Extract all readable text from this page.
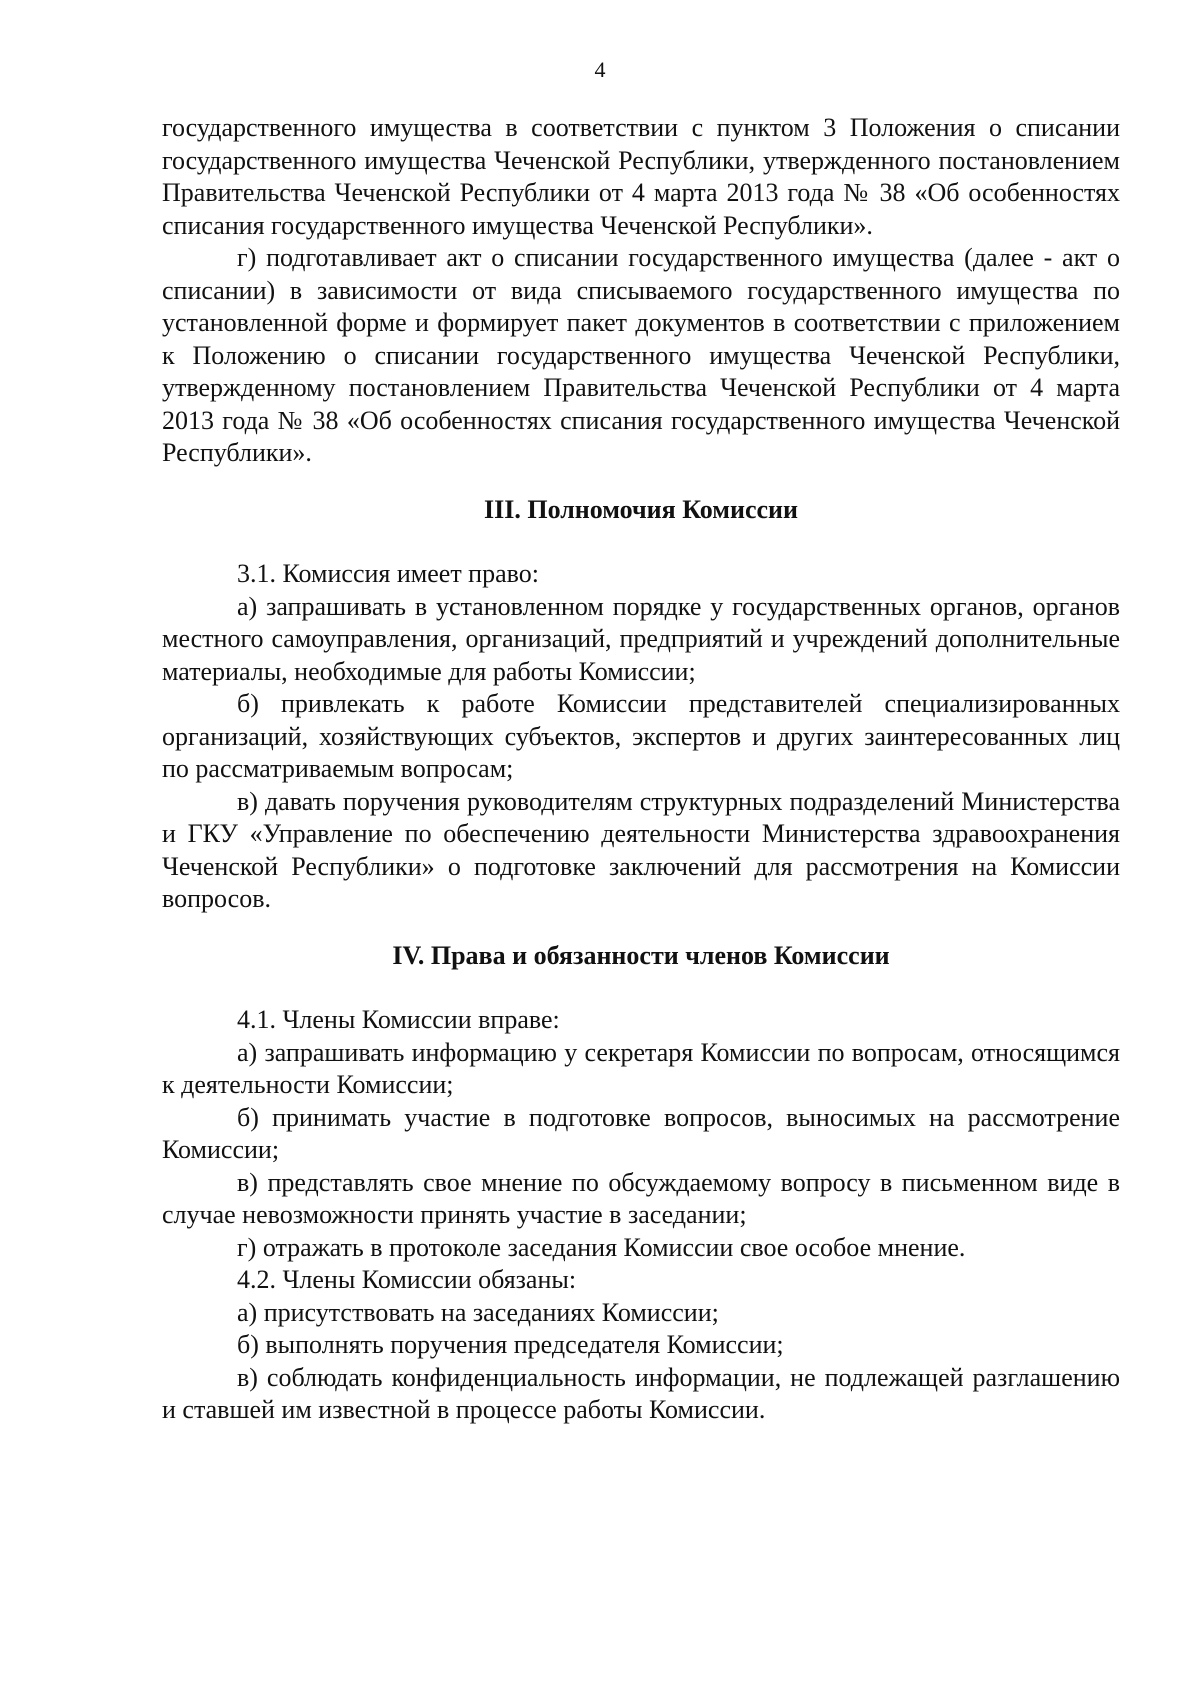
4

государственного имущества в соответствии с пунктом 3 Положения о списании государственного имущества Чеченской Республики, утвержденного постановлением Правительства Чеченской Республики от 4 марта 2013 года № 38 «Об особенностях списания государственного имущества Чеченской Республики».

г) подготавливает акт о списании государственного имущества (далее - акт о списании) в зависимости от вида списываемого государственного имущества по установленной форме и формирует пакет документов в соответствии с приложением к Положению о списании государственного имущества Чеченской Республики, утвержденному постановлением Правительства Чеченской Республики от 4 марта 2013 года № 38 «Об особенностях списания государственного имущества Чеченской Республики».

III. Полномочия Комиссии

3.1. Комиссия имеет право:

а) запрашивать в установленном порядке у государственных органов, органов местного самоуправления, организаций, предприятий и учреждений дополнительные материалы, необходимые для работы Комиссии;

б) привлекать к работе Комиссии представителей специализированных организаций, хозяйствующих субъектов, экспертов и других заинтересованных лиц по рассматриваемым вопросам;

в) давать поручения руководителям структурных подразделений Министерства и ГКУ «Управление по обеспечению деятельности Министерства здравоохранения Чеченской Республики» о подготовке заключений для рассмотрения на Комиссии вопросов.

IV. Права и обязанности членов Комиссии

4.1. Члены Комиссии вправе:

а) запрашивать информацию у секретаря Комиссии по вопросам, относящимся к деятельности Комиссии;

б) принимать участие в подготовке вопросов, выносимых на рассмотрение Комиссии;

в) представлять свое мнение по обсуждаемому вопросу в письменном виде в случае невозможности принять участие в заседании;

г) отражать в протоколе заседания Комиссии свое особое мнение.

4.2. Члены Комиссии обязаны:

а) присутствовать на заседаниях Комиссии;

б) выполнять поручения председателя Комиссии;

в) соблюдать конфиденциальность информации, не подлежащей разглашению и ставшей им известной в процессе работы Комиссии.
